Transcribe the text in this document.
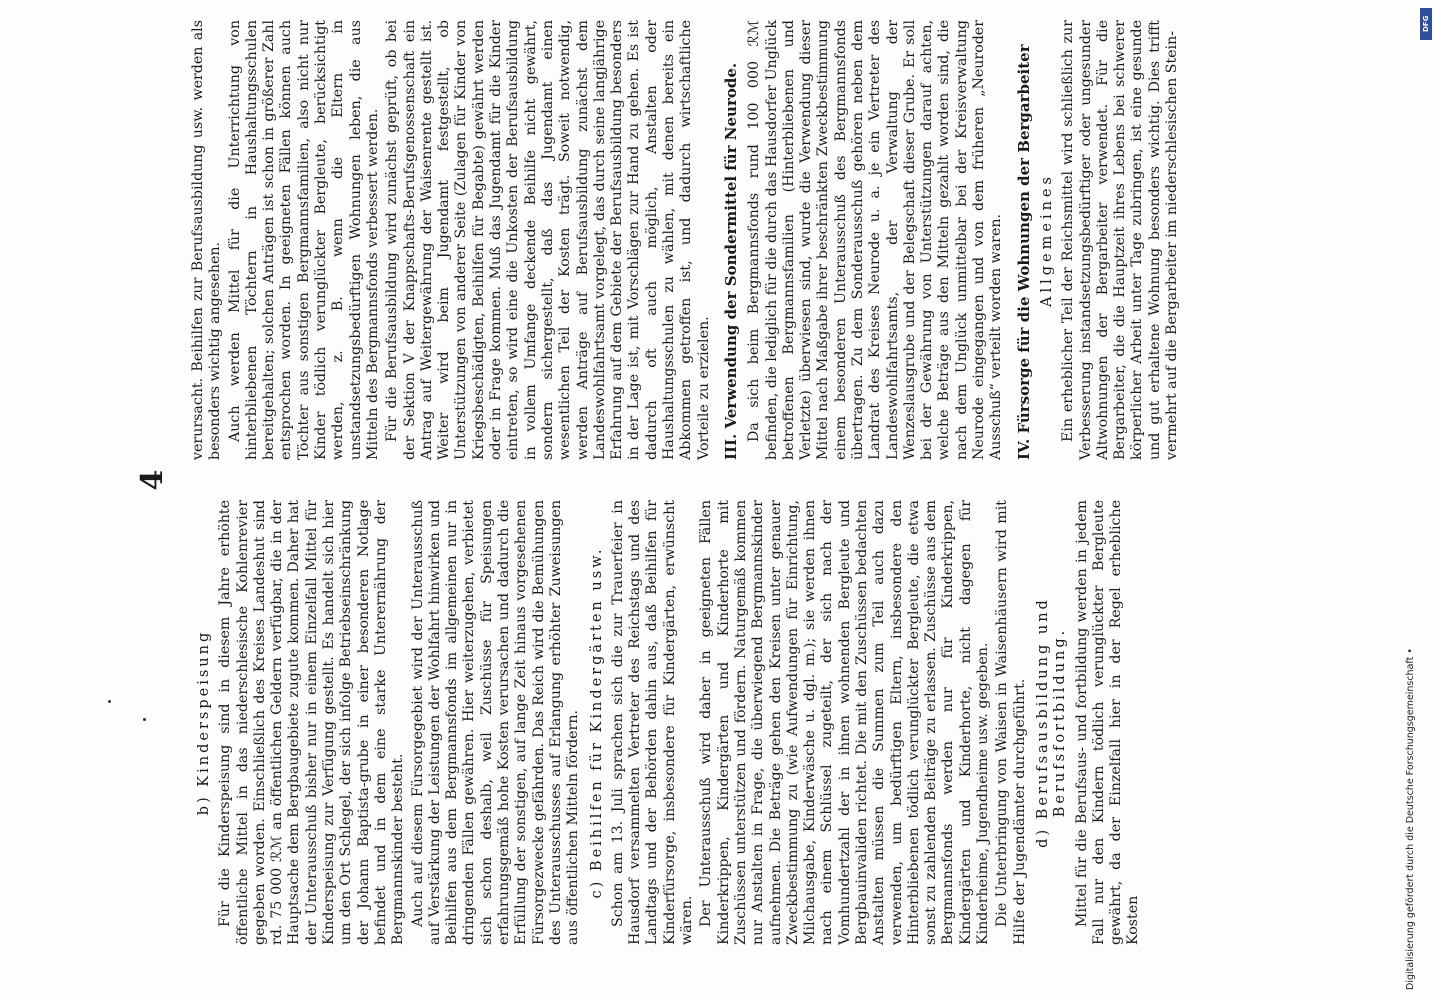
4
b) Kinderspeisung Für die Kinderspeisung sind in diesem Jahre erhöhte öffentliche Mittel in das niederschlesische Kohlenrevier gegeben worden. Einschließlich des Kreises Landeshut sind rd. 75 000 ℛℳ an öffentlichen Geldern verfügbar, die in der Hauptsache dem Bergbaugebiete zugute kommen. Daher hat der Unterausschuß bisher nur in einem Einzelfall Mittel für Kinderspeisung zur Verfügung gestellt. Es handelt sich hier um den Ort Schlegel, der sich infolge Betriebseinschränkung der Johann Baptista-grube in einer besonderen Notlage befindet und in dem eine starke Unterernährung der Bergmannskinder besteht. Auch auf diesem Fürsorgegebiet wird der Unterausschuß auf Verstärkung der Leistungen der Wohlfahrt hinwirken und Beihilfen aus dem Bergmannsfonds im allgemeinen nur in dringenden Fällen gewähren. Hier weiterzugehen, verbietet sich schon deshalb, weil Zuschüsse für Speisungen erfahrungsgemäß hohe Kosten verursachen und dadurch die Erfüllung der sonstigen, auf lange Zeit hinaus vorgesehenen Fürsorgezwecke gefährden. Das Reich wird die Bemühungen des Unterausschusses auf Erlangung erhöhter Zuweisungen aus öffentlichen Mitteln fördern. c) Beihilfen für Kindergärten usw. Schon am 13. Juli sprachen sich die zur Trauerfeier in Hausdorf versammelten Vertreter des Reichstags und des Landtags und der Behörden dahin aus, daß Beihilfen für Kinderfürsorge, insbesondere für Kindergärten, erwünscht wären. Der Unterausschuß wird daher in geeigneten Fällen Kinderkrippen, Kindergärten und Kinderhorte mit Zuschüssen unterstützen und fördern. Naturgemäß kommen nur Anstalten in Frage, die überwiegend Bergmannskinder aufnehmen. Die Beträge gehen den Kreisen unter genauer Zweckbestimmung zu (wie Aufwendungen für Einrichtung, Milchausgabe, Kinderwäsche u. dgl. m.); sie werden ihnen nach einem Schlüssel zugeteilt, der sich nach der Vomhundertzahl der in ihnen wohnenden Bergleute und Bergbauinvaliden richtet. Die mit den Zuschüssen bedachten Anstalten müssen die Summen zum Teil auch dazu verwenden, um bedürftigen Eltern, insbesondere den Hinterbliebenen tödlich verunglückter Bergleute, die etwa sonst zu zahlenden Beiträge zu erlassen. Zuschüsse aus dem Bergmannsfonds werden nur für Kinderkrippen, Kindergärten und Kinderhorte, nicht dagegen für Kinderheime, Jugendheime usw. gegeben. Die Unterbringung von Waisen in Waisenhäusern wird mit Hilfe der Jugendämter durchgeführt. d) Berufsausbildung und Berufsfortbildung. Mittel für die Berufsaus- und fortbildung werden in jedem Fall nur den Kindern tödlich verunglückter Bergleute gewährt, da der Einzelfall hier in der Regel erhebliche Kosten

verursacht. Beihilfen zur Berufsausbildung usw. werden als besonders wichtig angesehen. Auch werden Mittel für die Unterrichtung von hinterbliebenen Töchtern in Haushaltungsschulen bereitgehalten; solchen Anträgen ist schon in größerer Zahl entsprochen worden. In geeigneten Fällen können auch Töchter aus sonstigen Bergmannsfamilien, also nicht nur Kinder tödlich verunglückter Bergleute, berücksichtigt werden, z. B. wenn die Eltern in unstandsetzungsbedürftigen Wohnungen leben, die aus Mitteln des Bergmannsfonds verbessert werden. Für die Berufsausbildung wird zunächst geprüft, ob bei der Sektion V der Knappschafts-Berufsgenossenschaft ein Antrag auf Weitergewährung der Waisenrente gestellt ist. Weiter wird beim Jugendamt festgestellt, ob Unterstützungen von anderer Seite (Zulagen für Kinder von Kriegsbeschädigten, Beihilfen für Begabte) gewährt werden oder in Frage kommen. Muß das Jugendamt für die Kinder eintreten, so wird eine die Unkosten der Berufsausbildung in vollem Umfange deckende Beihilfe nicht gewährt, sondern sichergestellt, daß das Jugendamt einen wesentlichen Teil der Kosten trägt. Soweit notwendig, werden Anträge auf Berufsausbildung zunächst dem Landeswohlfahrtsamt vorgelegt, das durch seine langjährige Erfahrung auf dem Gebiete der Berufsausbildung besonders in der Lage ist, mit Vorschlägen zur Hand zu gehen. Es ist dadurch oft auch möglich, Anstalten oder Haushaltungsschulen zu wählen, mit denen bereits ein Abkommen getroffen ist, und dadurch wirtschaftliche Vorteile zu erzielen. III. Verwendung der Sondermittel für Neurode. Da sich beim Bergmannsfonds rund 100 000 ℛℳ befinden, die lediglich für die durch das Hausdorfer Unglück betroffenen Bergmannsfamilien (Hinterbliebenen und Verletzte) überwiesen sind, wurde die Verwendung dieser Mittel nach Maßgabe ihrer beschränkten Zweckbestimmung einem besonderen Unterausschuß des Bergmannsfonds übertragen. Zu dem Sonderausschuß gehören neben dem Landrat des Kreises Neurode u. a. je ein Vertreter des Landeswohlfahrtsamts, der Verwaltung der Wenzeslausgrube und der Belegschaft dieser Grube. Er soll bei der Gewährung von Unterstützungen darauf achten, welche Beträge aus den Mitteln gezahlt worden sind, die nach dem Unglück unmittelbar bei der Kreisverwaltung Neurode eingegangen und von dem früheren „Neuroder Ausschuß“ verteilt worden waren. IV. Fürsorge für die Wohnungen der Bergarbeiter Allgemeines Ein erheblicher Teil der Reichsmittel wird schließlich zur Verbesserung instandsetzungsbedürftiger oder ungesunder Altwohnungen der Bergarbeiter verwendet. Für die Bergarbeiter, die die Hauptzeit ihres Lebens bei schwerer körperlicher Arbeit unter Tage zubringen, ist eine gesunde und gut erhaltene Wohnung besonders wichtig. Dies trifft vermehrt auf die Bergarbeiter im niederschlesischen Stein-

Digitalisierung gefördert durch die Deutsche Forschungsgemeinschaft •
DFG
